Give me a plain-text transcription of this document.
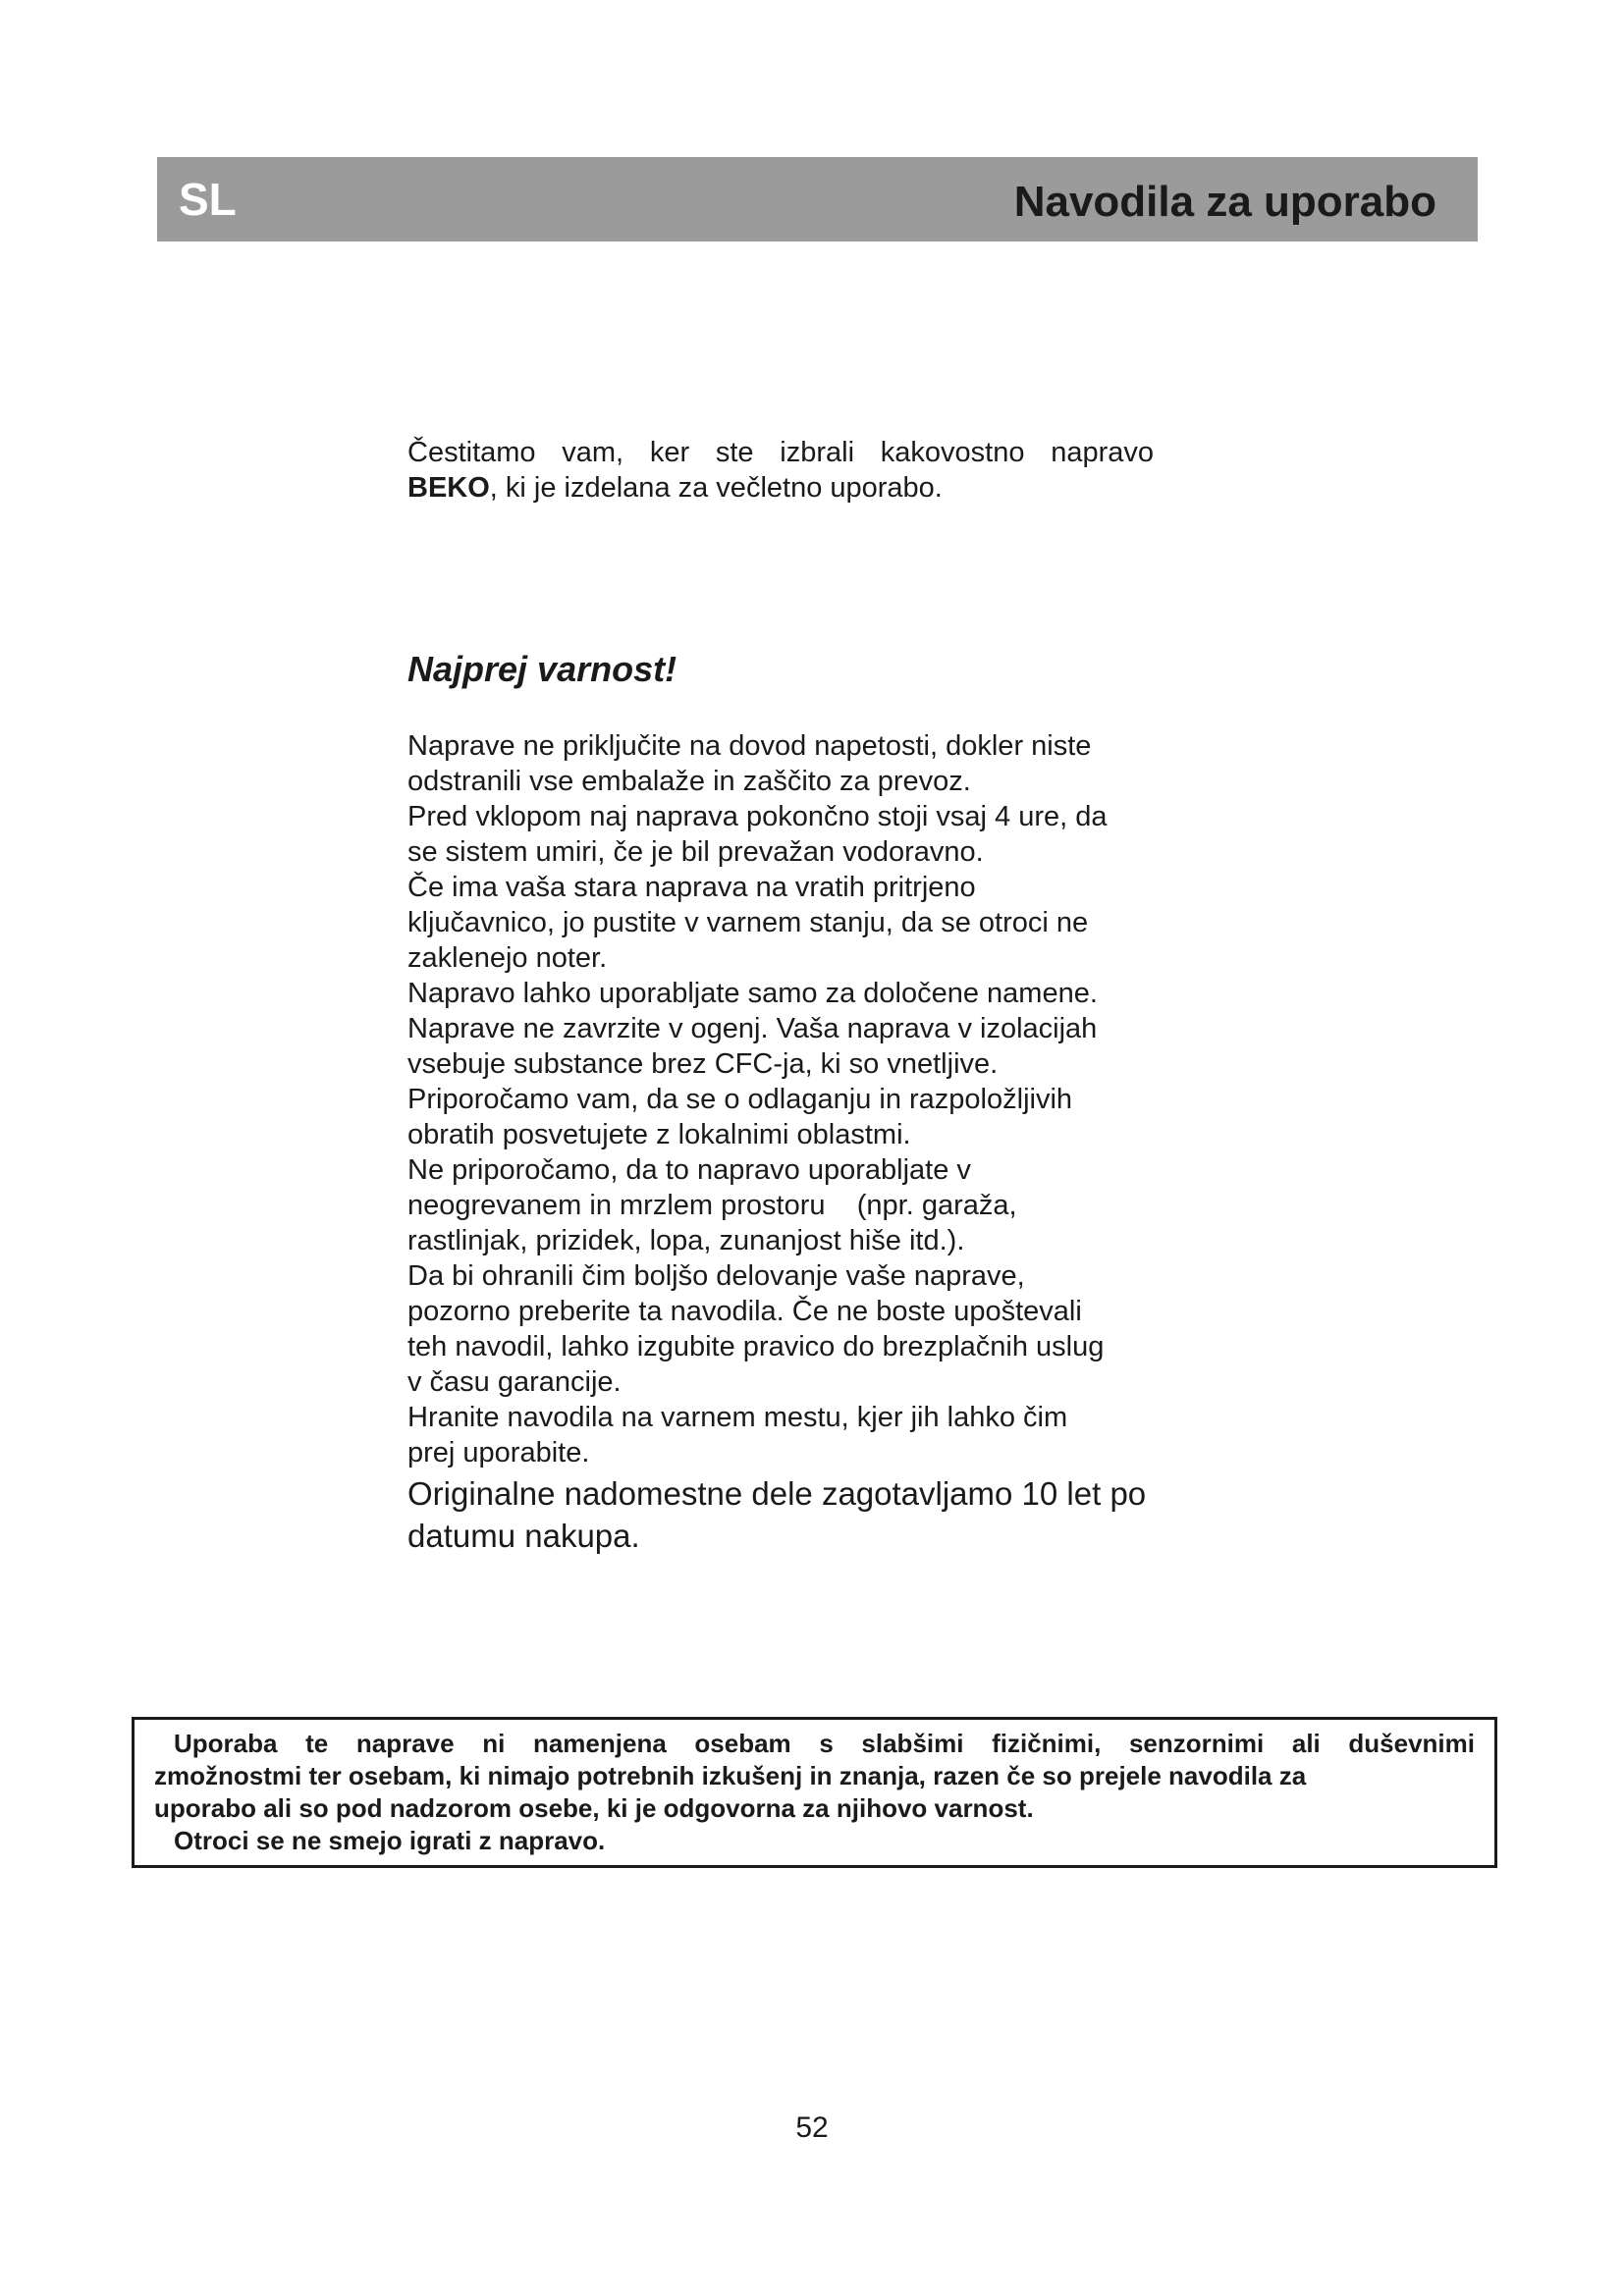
SL	Navodila za uporabo

Čestitamo vam, ker ste izbrali kakovostno napravo
BEKO, ki je izdelana za večletno uporabo.

Najprej varnost!

Naprave ne priključite na dovod napetosti, dokler niste
odstranili vse embalaže in zaščito za prevoz.

Pred vklopom naj naprava pokončno stoji vsaj 4 ure, da
se sistem umiri, če je bil prevažan vodoravno.

Če ima vaša stara naprava na vratih pritrjeno
ključavnico, jo pustite v varnem stanju, da se otroci ne
zaklenejo noter.

Napravo lahko uporabljate samo za določene namene.

Naprave ne zavrzite v ogenj. Vaša naprava v izolacijah
vsebuje substance brez CFC-ja, ki so vnetljive.

Priporočamo vam, da se o odlaganju in razpoložljivih
obratih posvetujete z lokalnimi oblastmi.

Ne priporočamo, da to napravo uporabljate v
neogrevanem in mrzlem prostoru    (npr. garaža,
rastlinjak, prizidek, lopa, zunanjost hiše itd.).

Da bi ohranili čim boljšo delovanje vaše naprave,
pozorno preberite ta navodila. Če ne boste upoštevali
teh navodil, lahko izgubite pravico do brezplačnih uslug
v času garancije.

Hranite navodila na varnem mestu, kjer jih lahko čim
prej uporabite.

Originalne nadomestne dele zagotavljamo 10 let po
datumu nakupa.

Uporaba te naprave ni namenjena osebam s slabšimi fizičnimi, senzornimi ali duševnimi
zmožnostmi ter osebam, ki nimajo potrebnih izkušenj in znanja, razen če so prejele navodila za
uporabo ali so pod nadzorom osebe, ki je odgovorna za njihovo varnost.
Otroci se ne smejo igrati z napravo.
52
